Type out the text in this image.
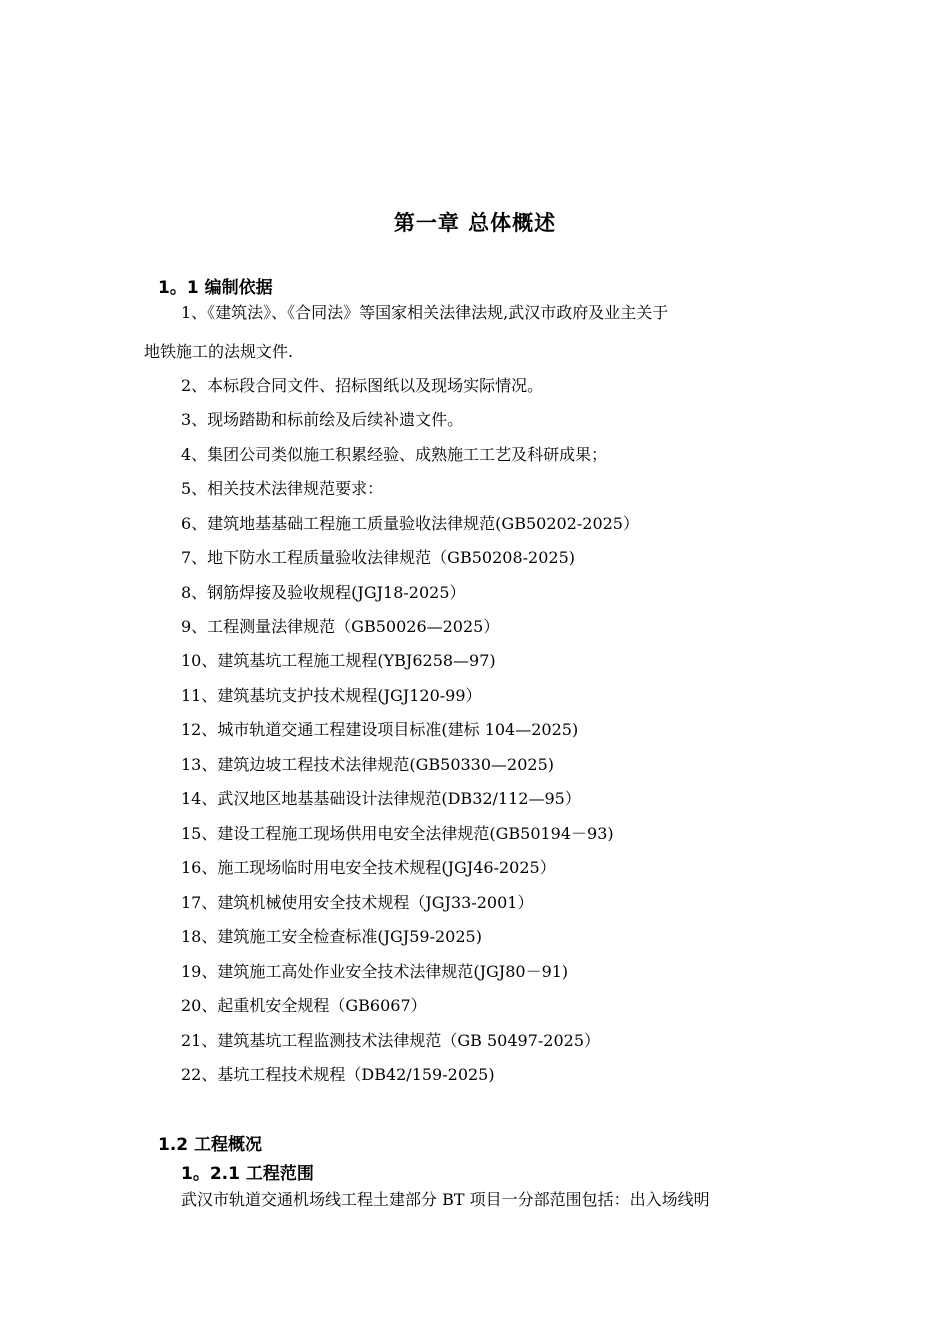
第一章 总体概述
1。1 编制依据
1、《建筑法》、《合同法》等国家相关法律法规,武汉市政府及业主关于
地铁施工的法规文件.
2、本标段合同文件、招标图纸以及现场实际情况。
3、现场踏勘和标前绘及后续补遗文件。
4、集团公司类似施工积累经验、成熟施工工艺及科研成果；
5、相关技术法律规范要求：
6、建筑地基基础工程施工质量验收法律规范(GB50202-2025）
7、地下防水工程质量验收法律规范（GB50208-2025)
8、钢筋焊接及验收规程(JGJ18-2025）
9、工程测量法律规范（GB50026—2025）
10、建筑基坑工程施工规程(YBJ6258—97)
11、建筑基坑支护技术规程(JGJ120-99）
12、城市轨道交通工程建设项目标准(建标 104—2025)
13、建筑边坡工程技术法律规范(GB50330—2025)
14、武汉地区地基基础设计法律规范(DB32/112—95）
15、建设工程施工现场供用电安全法律规范(GB50194－93)
16、施工现场临时用电安全技术规程(JGJ46-2025）
17、建筑机械使用安全技术规程（JGJ33-2001）
18、建筑施工安全检查标准(JGJ59-2025)
19、建筑施工高处作业安全技术法律规范(JGJ80－91)
20、起重机安全规程（GB6067）
21、建筑基坑工程监测技术法律规范（GB 50497-2025）
22、基坑工程技术规程（DB42/159-2025)
1.2 工程概况
1。2.1 工程范围
武汉市轨道交通机场线工程土建部分 BT 项目一分部范围包括：出入场线明
